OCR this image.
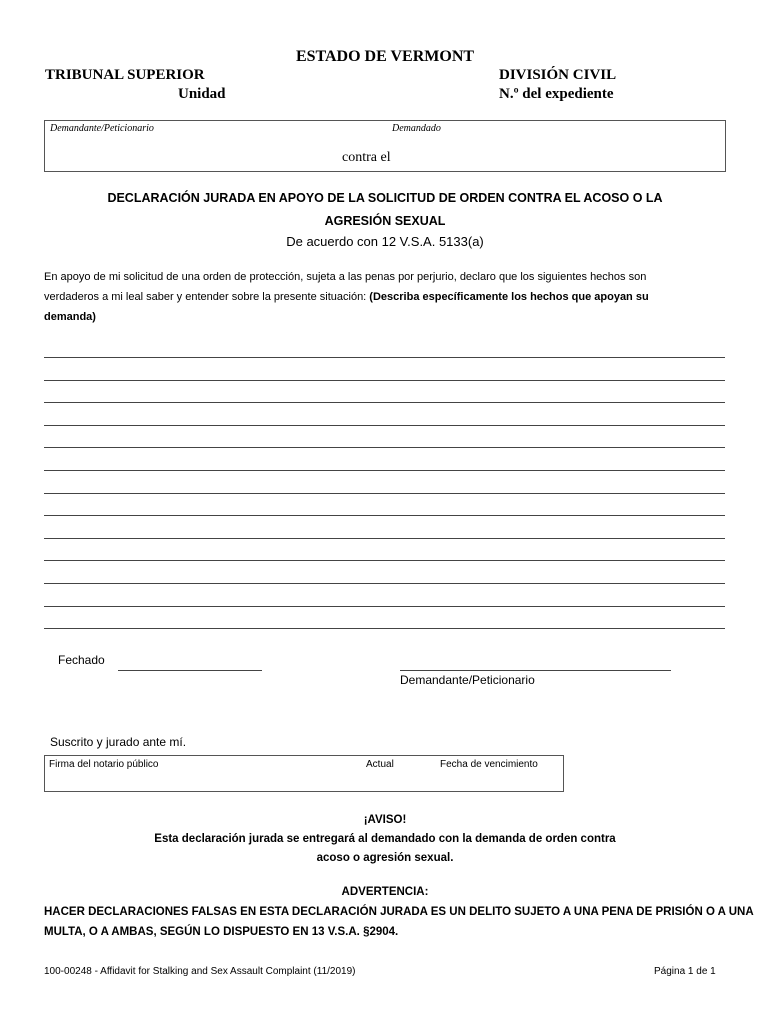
ESTADO DE VERMONT
TRIBUNAL SUPERIOR
Unidad
DIVISIÓN CIVIL
N.º del expediente
Demandante/Peticionario	Demandado
contra el
DECLARACIÓN JURADA EN APOYO DE LA SOLICITUD DE ORDEN CONTRA EL ACOSO O LA
AGRESIÓN SEXUAL
De acuerdo con 12 V.S.A. 5133(a)
En apoyo de mi solicitud de una orden de protección, sujeta a las penas por perjurio, declaro que los siguientes hechos son
verdaderos a mi leal saber y entender sobre la presente situación: (Describa específicamente los hechos que apoyan su
demanda)
Fechado
Demandante/Peticionario
Suscrito y jurado ante mí.
Firma del notario público	Actual	Fecha de vencimiento
¡AVISO!
Esta declaración jurada se entregará al demandado con la demanda de orden contra
acoso o agresión sexual.
ADVERTENCIA:
HACER DECLARACIONES FALSAS EN ESTA DECLARACIÓN JURADA ES UN DELITO SUJETO A UNA PENA DE PRISIÓN O A UNA
MULTA, O A AMBAS, SEGÚN LO DISPUESTO EN 13 V.S.A. §2904.
100-00248 - Affidavit for Stalking and Sex Assault Complaint (11/2019)	Página 1 de 1
